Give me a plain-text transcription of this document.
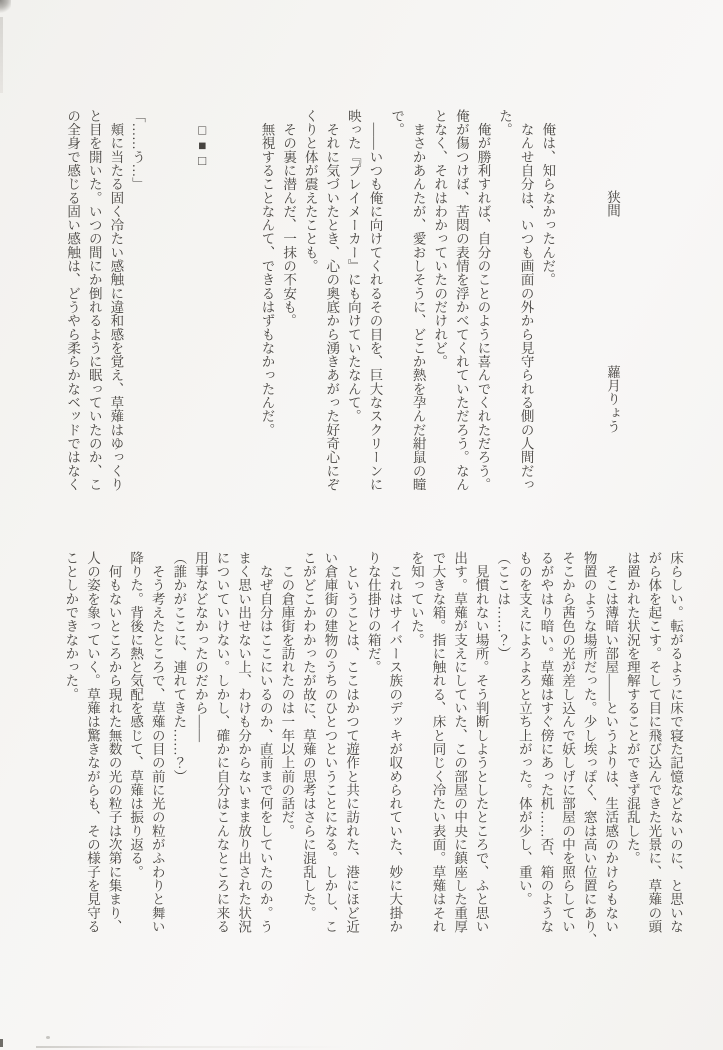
狭間蘿月りょう

　俺は、知らなかったんだ。

　なんせ自分は、いつも画面の外から見守られる側の人間だっ

た。

　俺が勝利すれば、自分のことのように喜んでくれただろう。

俺が傷つけば、苦悶の表情を浮かべてくれていただろう。なん

となく、それはわかっていたのだけれど。

　まさかあんたが、愛おしそうに、どこか熱を孕んだ紺鼠の瞳

で。

　――いつも俺に向けてくれるその目を、巨大なスクリーンに

映った『プレイメーカー』にも向けていたなんて。

　それに気づいたとき、心の奥底から湧きあがった好奇心にぞ

くりと体が震えたことも。

　その裏に潜んだ、一抹の不安も。

　無視することなんて、できるはずもなかったんだ。

　□■□

「……う…」

　頬に当たる固く冷たい感触に違和感を覚え、草薙はゆっくり

と目を開いた。いつの間にか倒れるように眠っていたのか、こ

の全身で感じる固い感触は、どうやら柔らかなベッドではなく

床らしい。転がるように床で寝た記憶などないのに、と思いな

がら体を起こす。そして目に飛び込んできた光景に、草薙の頭

は置かれた状況を理解することができず混乱した。

　そこは薄暗い部屋――というよりは、生活感のかけらもない

物置のような場所だった。少し埃っぽく、窓は高い位置にあり、

そこから茜色の光が差し込んで妖しげに部屋の中を照らしてい

るがやはり暗い。草薙はすぐ傍にあった机……否、箱のような

ものを支えによろよろと立ち上がった。体が少し、重い。

（ここは……？）

　見慣れない場所。そう判断しようとしたところで、ふと思い

出す。草薙が支えにしていた、この部屋の中央に鎮座した重厚

で大きな箱。指に触れる、床と同じく冷たい表面。草薙はそれ

を知っていた。

　これはサイバース族のデッキが収められていた、妙に大掛か

りな仕掛けの箱だ。

　ということは、ここはかつて遊作と共に訪れた、港にほど近

い倉庫街の建物のうちのひとつということになる。しかし、こ

こがどこかわかったが故に、草薙の思考はさらに混乱した。

　この倉庫街を訪れたのは一年以上前の話だ。

　なぜ自分はここにいるのか、直前まで何をしていたのか。う

まく思い出せない上、わけも分からないまま放り出された状況

についていけない。しかし、確かに自分はこんなところに来る

用事などなかったのだから――

（誰かがここに、連れてきた……？）

　そう考えたところで、草薙の目の前に光の粒がふわりと舞い

降りた。背後に熱と気配を感じて、草薙は振り返る。

　何もないところから現れた無数の光の粒子は次第に集まり、

人の姿を象っていく。草薙は驚きながらも、その様子を見守る

ことしかできなかった。
